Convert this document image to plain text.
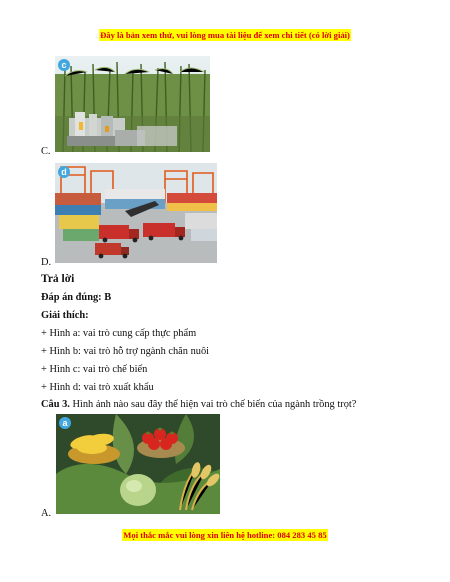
Đây là bản xem thử, vui lòng mua tài liệu để xem chi tiết (có lời giải)
c
C.
d
D.
Trả lời
Đáp án đúng: B
Giải thích:
+ Hình a: vai trò cung cấp thực phẩm
+ Hình b: vai trò hỗ trợ ngành chăn nuôi
+ Hình c: vai trò chế biến
+ Hình d: vai trò xuất khẩu
Câu 3. Hình ảnh nào sau đây thể hiện vai trò chế biến của ngành trồng trọt?
a
A.
Mọi thắc mắc vui lòng xin liên hệ hotline: 084 283 45 85
